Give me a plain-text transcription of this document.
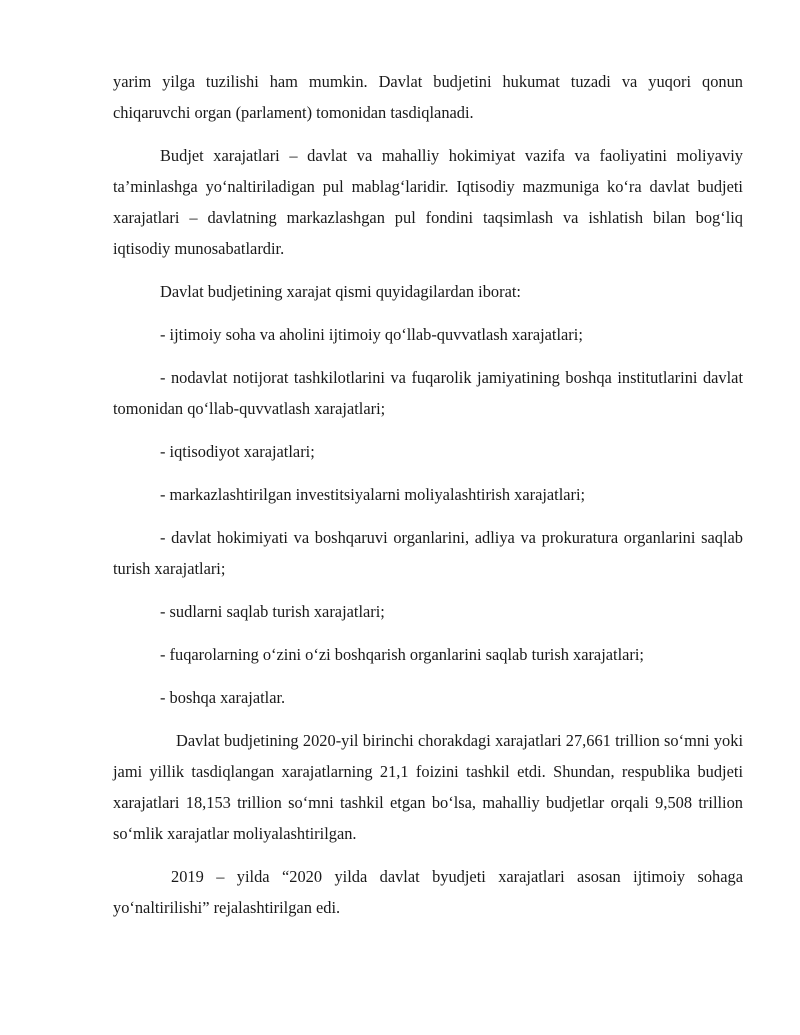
yarim yilga tuzilishi ham mumkin. Davlat budjetini hukumat tuzadi va yuqori qonun chiqaruvchi organ (parlament) tomonidan tasdiqlanadi.

Budjet xarajatlari – davlat va mahalliy hokimiyat vazifa va faoliyatini moliyaviy ta’minlashga yo‘naltiriladigan pul mablag‘laridir. Iqtisodiy mazmuniga ko‘ra davlat budjeti xarajatlari – davlatning markazlashgan pul fondini taqsimlash va ishlatish bilan bog‘liq iqtisodiy munosabatlardir.

Davlat budjetining xarajat qismi quyidagilardan iborat:

- ijtimoiy soha va aholini ijtimoiy qo‘llab-quvvatlash xarajatlari;

- nodavlat notijorat tashkilotlarini va fuqarolik jamiyatining boshqa institutlarini davlat tomonidan qo‘llab-quvvatlash xarajatlari;

- iqtisodiyot xarajatlari;

- markazlashtirilgan investitsiyalarni moliyalashtirish xarajatlari;

- davlat hokimiyati va boshqaruvi organlarini, adliya va prokuratura organlarini saqlab turish xarajatlari;

- sudlarni saqlab turish xarajatlari;

- fuqarolarning o‘zini o‘zi boshqarish organlarini saqlab turish xarajatlari;

- boshqa xarajatlar.

Davlat budjetining 2020-yil birinchi chorakdagi xarajatlari 27,661 trillion so‘mni yoki jami yillik tasdiqlangan xarajatlarning 21,1 foizini tashkil etdi. Shundan, respublika budjeti xarajatlari 18,153 trillion so‘mni tashkil etgan bo‘lsa, mahalliy budjetlar orqali 9,508 trillion so‘mlik xarajatlar moliyalashtirilgan.

2019 – yilda “2020 yilda davlat byudjeti xarajatlari asosan ijtimoiy sohaga yo‘naltirilishi” rejalashtirilgan edi.
